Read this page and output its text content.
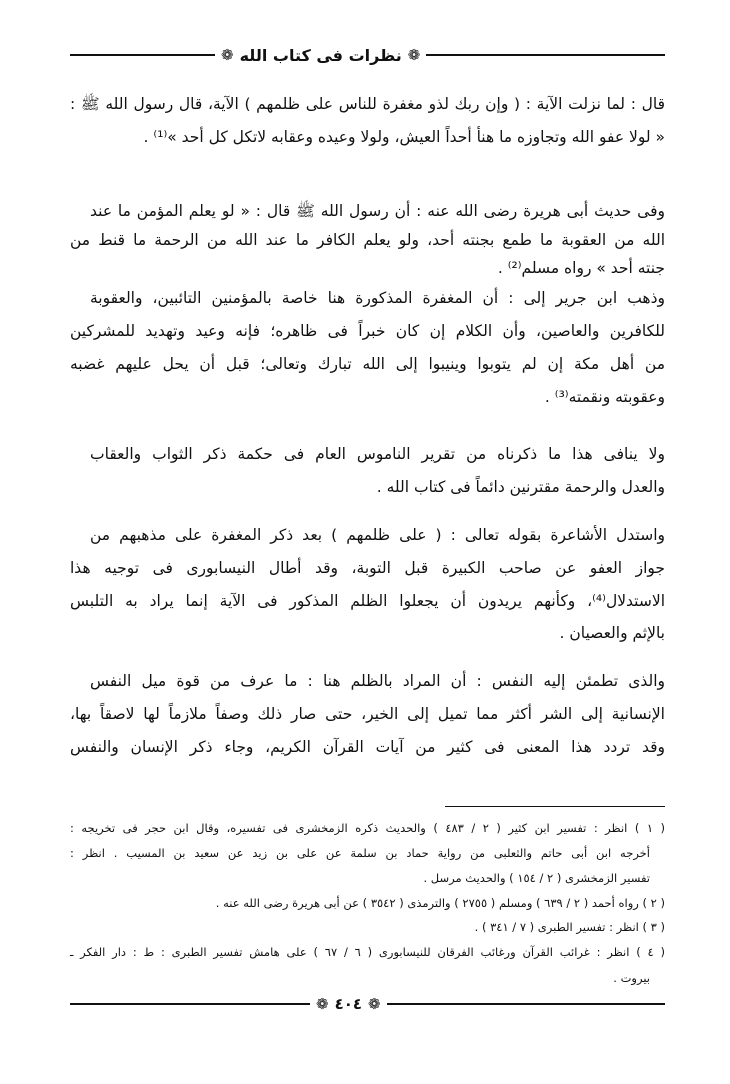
❁
نظرات فى كتاب الله
❁
قال : لما نزلت الآية : ( وإن ربك لذو مغفرة للناس على ظلمهم ) الآية، قال رسول الله ﷺ :
« لولا عفو الله وتجاوزه ما هنأ أحداً العيش، ولولا وعيده وعقابه لاتكل كل أحد »⁽¹⁾ .
وفى حديث أبى هريرة رضى الله عنه : أن رسول الله ﷺ قال : « لو يعلم المؤمن ما عند
الله من العقوبة ما طمع بجنته أحد، ولو يعلم الكافر ما عند الله من الرحمة ما قنط من
جنته أحد » رواه مسلم⁽²⁾ .
وذهب ابن جرير إلى : أن المغفرة المذكورة هنا خاصة بالمؤمنين التائبين، والعقوبة
للكافرين والعاصين، وأن الكلام إن كان خبراً فى ظاهره؛ فإنه وعيد وتهديد للمشركين
من أهل مكة إن لم يتوبوا وينيبوا إلى الله تبارك وتعالى؛ قبل أن يحل عليهم غضبه
وعقوبته ونقمته⁽³⁾ .
ولا ينافى هذا ما ذكرناه من تقرير الناموس العام فى حكمة ذكر الثواب والعقاب
والعدل والرحمة مقترنين دائماً فى كتاب الله .
واستدل الأشاعرة بقوله تعالى : ( على ظلمهم ) بعد ذكر المغفرة على مذهبهم من
جواز العفو عن صاحب الكبيرة قبل التوبة، وقد أطال النيسابورى فى توجيه هذا
الاستدلال⁽⁴⁾، وكأنهم يريدون أن يجعلوا الظلم المذكور فى الآية إنما يراد به التلبس
بالإثم والعصيان .
والذى تطمئن إليه النفس : أن المراد بالظلم هنا : ما عرف من قوة ميل النفس
الإنسانية إلى الشر أكثر مما تميل إلى الخير، حتى صار ذلك وصفاً ملازماً لها لاصقاً بها،
وقد تردد هذا المعنى فى كثير من آيات القرآن الكريم، وجاء ذكر الإنسان والنفس
( ١ ) انظر : تفسير ابن كثير ( ٢ / ٤٨٣ ) والحديث ذكره الزمخشرى فى تفسيره، وقال ابن حجر فى تخريجه :
أخرجه ابن أبى حاتم والثعلبى من رواية حماد بن سلمة عن على بن زيد عن سعيد بن المسيب . انظر :
تفسير الزمخشرى ( ٢ / ١٥٤ ) والحديث مرسل .
( ٢ ) رواه أحمد ( ٢ / ٦٣٩ ) ومسلم ( ٢٧٥٥ ) والترمذى ( ٣٥٤٢ ) عن أبى هريرة رضى الله عنه .
( ٣ ) انظر : تفسير الطبرى ( ٧ / ٣٤١ ) .
( ٤ ) انظر : غرائب القرآن ورغائب الفرقان للنيسابورى ( ٦ / ٦٧ ) على هامش تفسير الطبرى : ط : دار الفكر ـ
بيروت .
❁
٤٠٤
❁
